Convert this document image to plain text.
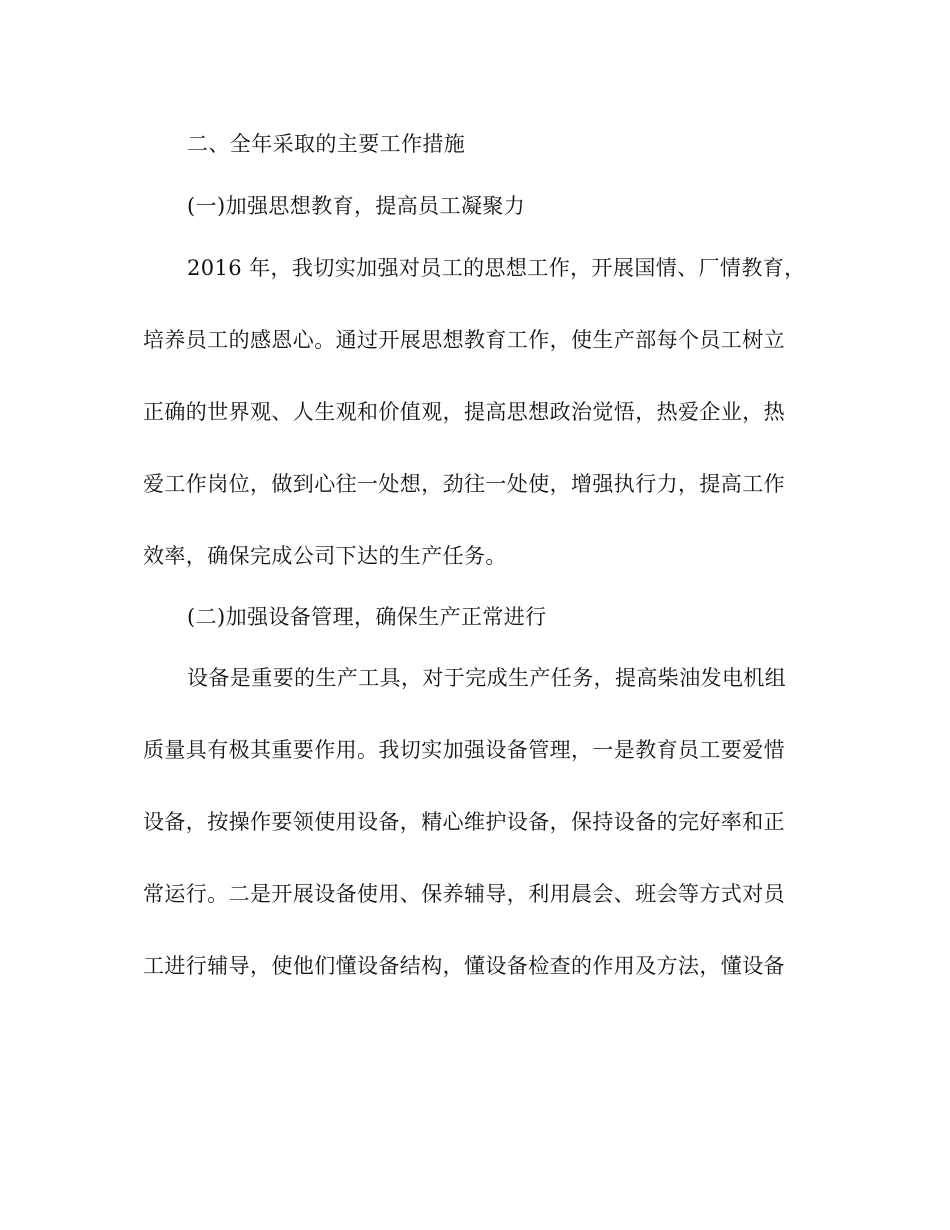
二、全年采取的主要工作措施
(一)加强思想教育，提高员工凝聚力
2016 年，我切实加强对员工的思想工作，开展国情、厂情教育，
培养员工的感恩心。通过开展思想教育工作，使生产部每个员工树立
正确的世界观、人生观和价值观，提高思想政治觉悟，热爱企业，热
爱工作岗位，做到心往一处想，劲往一处使，增强执行力，提高工作
效率，确保完成公司下达的生产任务。
(二)加强设备管理，确保生产正常进行
设备是重要的生产工具，对于完成生产任务，提高柴油发电机组
质量具有极其重要作用。我切实加强设备管理，一是教育员工要爱惜
设备，按操作要领使用设备，精心维护设备，保持设备的完好率和正
常运行。二是开展设备使用、保养辅导，利用晨会、班会等方式对员
工进行辅导，使他们懂设备结构，懂设备检查的作用及方法，懂设备
